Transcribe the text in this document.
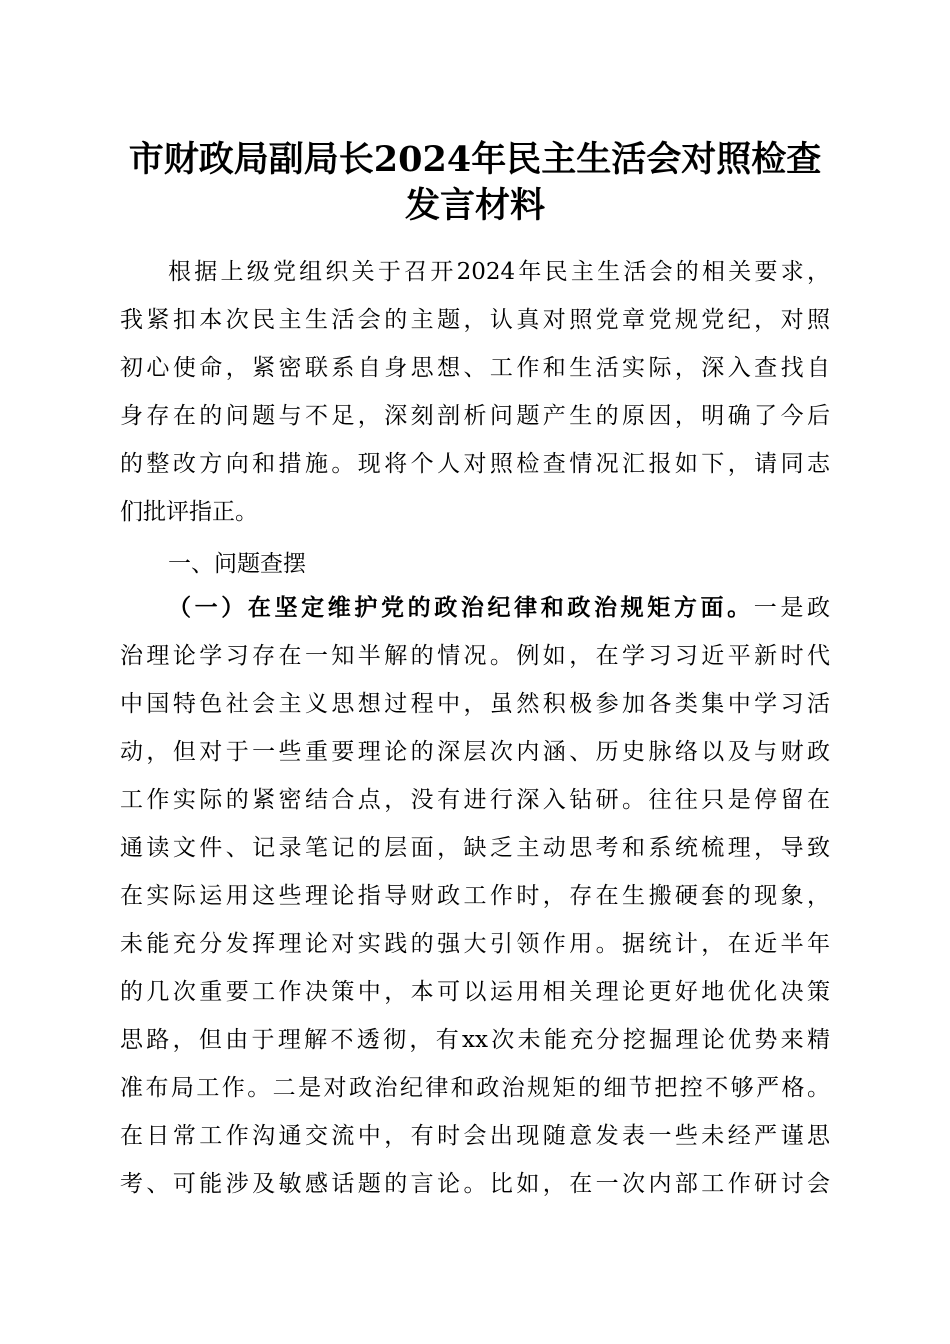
市财政局副局长2024年民主生活会对照检查
发言材料
根据上级党组织关于召开2024年民主生活会的相关要求，
我紧扣本次民主生活会的主题，认真对照党章党规党纪，对照
初心使命，紧密联系自身思想、工作和生活实际，深入查找自
身存在的问题与不足，深刻剖析问题产生的原因，明确了今后
的整改方向和措施。现将个人对照检查情况汇报如下，请同志
们批评指正。
一、问题查摆
（一）在坚定维护党的政治纪律和政治规矩方面。一是政
治理论学习存在一知半解的情况。例如，在学习习近平新时代
中国特色社会主义思想过程中，虽然积极参加各类集中学习活
动，但对于一些重要理论的深层次内涵、历史脉络以及与财政
工作实际的紧密结合点，没有进行深入钻研。往往只是停留在
通读文件、记录笔记的层面，缺乏主动思考和系统梳理，导致
在实际运用这些理论指导财政工作时，存在生搬硬套的现象，
未能充分发挥理论对实践的强大引领作用。据统计，在近半年
的几次重要工作决策中，本可以运用相关理论更好地优化决策
思路，但由于理解不透彻，有xx次未能充分挖掘理论优势来精
准布局工作。二是对政治纪律和政治规矩的细节把控不够严格。
在日常工作沟通交流中，有时会出现随意发表一些未经严谨思
考、可能涉及敏感话题的言论。比如，在一次内部工作研讨会
